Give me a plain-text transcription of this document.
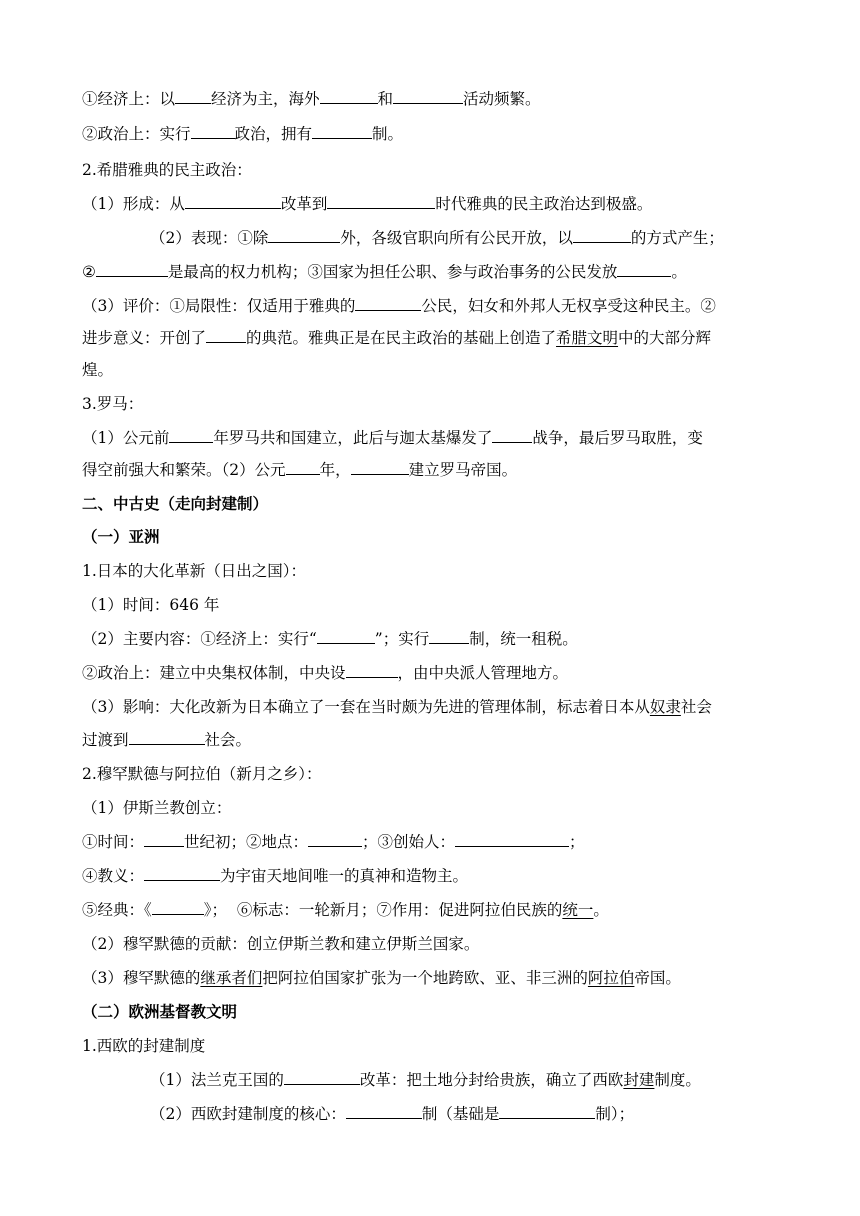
①经济上：以 经济为主，海外	和	活动频繁。
②政治上：实行	政治，拥有	制。
2.希腊雅典的民主政治：
（1）形成：从	改革到	时代雅典的民主政治达到极盛。
（2）表现：①除	外，各级官职向所有公民开放，以	的方式产生；
②	是最高的权力机构；③国家为担任公职、参与政治事务的公民发放	。
（3）评价：①局限性：仅适用于雅典的	公民，妇女和外邦人无权享受这种民主。②
进步意义：开创了	的典范。雅典正是在民主政治的基础上创造了希腊文明中的大部分辉
煌。
3.罗马：
（1）公元前	年罗马共和国建立，此后与迦太基爆发了	战争，最后罗马取胜，变
得空前强大和繁荣。（2）公元 年，	建立罗马帝国。
二、中古史（走向封建制）
（一）亚洲
1.日本的大化革新（日出之国）：
（1）时间：646 年
（2）主要内容：①经济上：实行“	”；实行	制，统一租税。
②政治上：建立中央集权体制，中央设	，由中央派人管理地方。
（3）影响：大化改新为日本确立了一套在当时颇为先进的管理体制，标志着日本从奴隶社会
过渡到	社会。
2.穆罕默德与阿拉伯（新月之乡）：
（1）伊斯兰教创立：
①时间：	世纪初；②地点：	；③创始人：	；
④教义：	为宇宙天地间唯一的真神和造物主。
⑤经典：《	》；  ⑥标志：一轮新月；⑦作用：促进阿拉伯民族的统一。
（2）穆罕默德的贡献：创立伊斯兰教和建立伊斯兰国家。
（3）穆罕默德的继承者们把阿拉伯国家扩张为一个地跨欧、亚、非三洲的阿拉伯帝国。
（二）欧洲基督教文明
1.西欧的封建制度
（1）法兰克王国的	改革：把土地分封给贵族，确立了西欧封建制度。
（2）西欧封建制度的核心：	制（基础是	制）；
